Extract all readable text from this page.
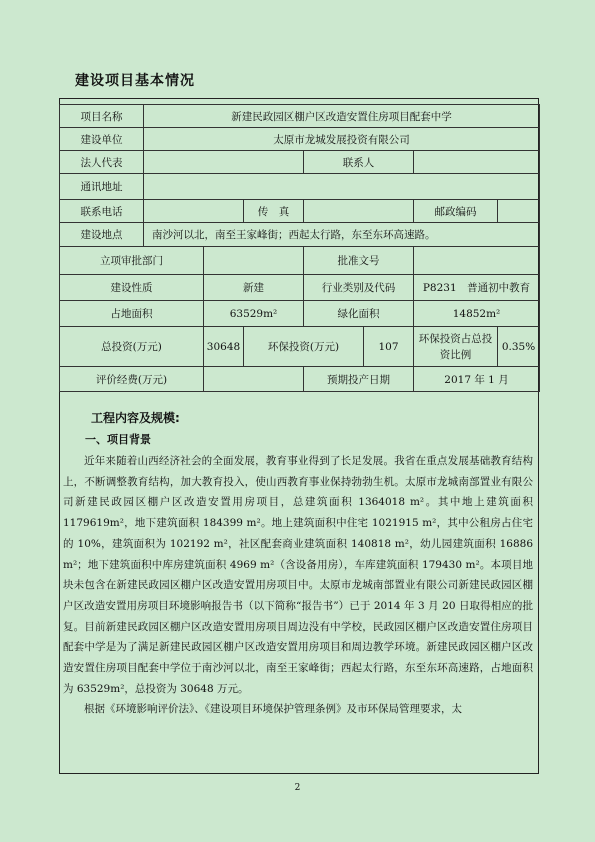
建设项目基本情况
项目名称	新建民政园区棚户区改造安置住房项目配套中学						
建设单位	太原市龙城发展投资有限公司						
法人代表				联系人			
通讯地址							
联系电话			传　真			邮政编码	
建设地点	南沙河以北，南至王家峰街；西起太行路，东至东环高速路。						
立项审批部门				批准文号			
建设性质		新建		行业类别及代码		P8231　普通初中教育	
占地面积		63529m²		绿化面积		14852m²	
总投资(万元)		30648	环保投资(万元)		107	环保投资占总投资比例	0.35%
评价经费(万元)				预期投产日期		2017 年 1 月	
工程内容及规模:
一、项目背景

近年来随着山西经济社会的全面发展，教育事业得到了长足发展。我省在重点发展基础教育结构上，不断调整教育结构，加大教育投入，使山西教育事业保持勃勃生机。太原市龙城南部置业有限公司新建民政园区棚户区改造安置用房项目，总建筑面积 1364018 m²。其中地上建筑面积 1179619m²，地下建筑面积 184399 m²。地上建筑面积中住宅 1021915 m²，其中公租房占住宅的 10%，建筑面积为 102192 m²，社区配套商业建筑面积 140818 m²，幼儿园建筑面积 16886 m²；地下建筑面积中库房建筑面积 4969 m²（含设备用房），车库建筑面积 179430 m²。本项目地块未包含在新建民政园区棚户区改造安置用房项目中。太原市龙城南部置业有限公司新建民政园区棚户区改造安置用房项目环境影响报告书（以下简称“报告书”）已于 2014 年 3 月 20 日取得相应的批复。目前新建民政园区棚户区改造安置用房项目周边没有中学校，民政园区棚户区改造安置住房项目配套中学是为了满足新建民政园区棚户区改造安置用房项目和周边教学环境。新建民政园区棚户区改造安置住房项目配套中学位于南沙河以北，南至王家峰街；西起太行路，东至东环高速路，占地面积为 63529m²，总投资为 30648 万元。

根据《环境影响评价法》、《建设项目环境保护管理条例》及市环保局管理要求，太

2
